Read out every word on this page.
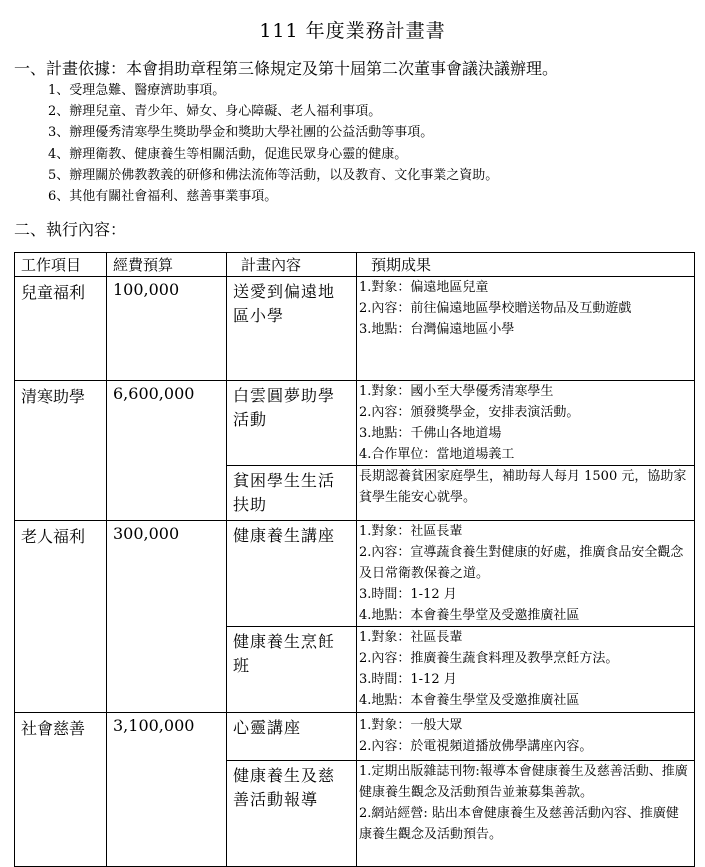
111 年度業務計畫書
一、計畫依據：本會捐助章程第三條規定及第十屆第二次董事會議決議辦理。
1、受理急難、醫療濟助事項。
2、辦理兒童、青少年、婦女、身心障礙、老人福利事項。
3、辦理優秀清寒學生獎助學金和獎助大學社團的公益活動等事項。
4、辦理衛教、健康養生等相關活動，促進民眾身心靈的健康。
5、辦理關於佛教教義的研修和佛法流佈等活動，以及教育、文化事業之資助。
6、其他有關社會福利、慈善事業事項。
二、執行內容：
工作項目	經費預算	計畫內容	預期成果
兒童福利	100,000	送愛到偏遠地區小學	1.對象：偏遠地區兒童
2.內容：前往偏遠地區學校贈送物品及互動遊戲
3.地點：台灣偏遠地區小學

清寒助學	6,600,000	白雲圓夢助學活動	1.對象：國小至大學優秀清寒學生
2.內容：頒發獎學金，安排表演活動。
3.地點：千佛山各地道場
4.合作單位：當地道場義工

		貧困學生生活扶助	長期認養貧困家庭學生，補助每人每月 1500 元，協助家貧學生能安心就學。

老人福利	300,000	健康養生講座	1.對象：社區長輩
2.內容：宣導蔬食養生對健康的好處，推廣食品安全觀念及日常衛教保養之道。
3.時間：1-12 月
4.地點：本會養生學堂及受邀推廣社區

		健康養生烹飪班	1.對象：社區長輩
2.內容：推廣養生蔬食料理及教學烹飪方法。
3.時間：1-12 月
4.地點：本會養生學堂及受邀推廣社區

社會慈善	3,100,000	心靈講座	1.對象：一般大眾
2.內容：於電視頻道播放佛學講座內容。

		健康養生及慈善活動報導	1.定期出版雜誌刊物:報導本會健康養生及慈善活動、推廣健康養生觀念及活動預告並兼募集善款。
2.網站經營: 貼出本會健康養生及慈善活動內容、推廣健康養生觀念及活動預告。
